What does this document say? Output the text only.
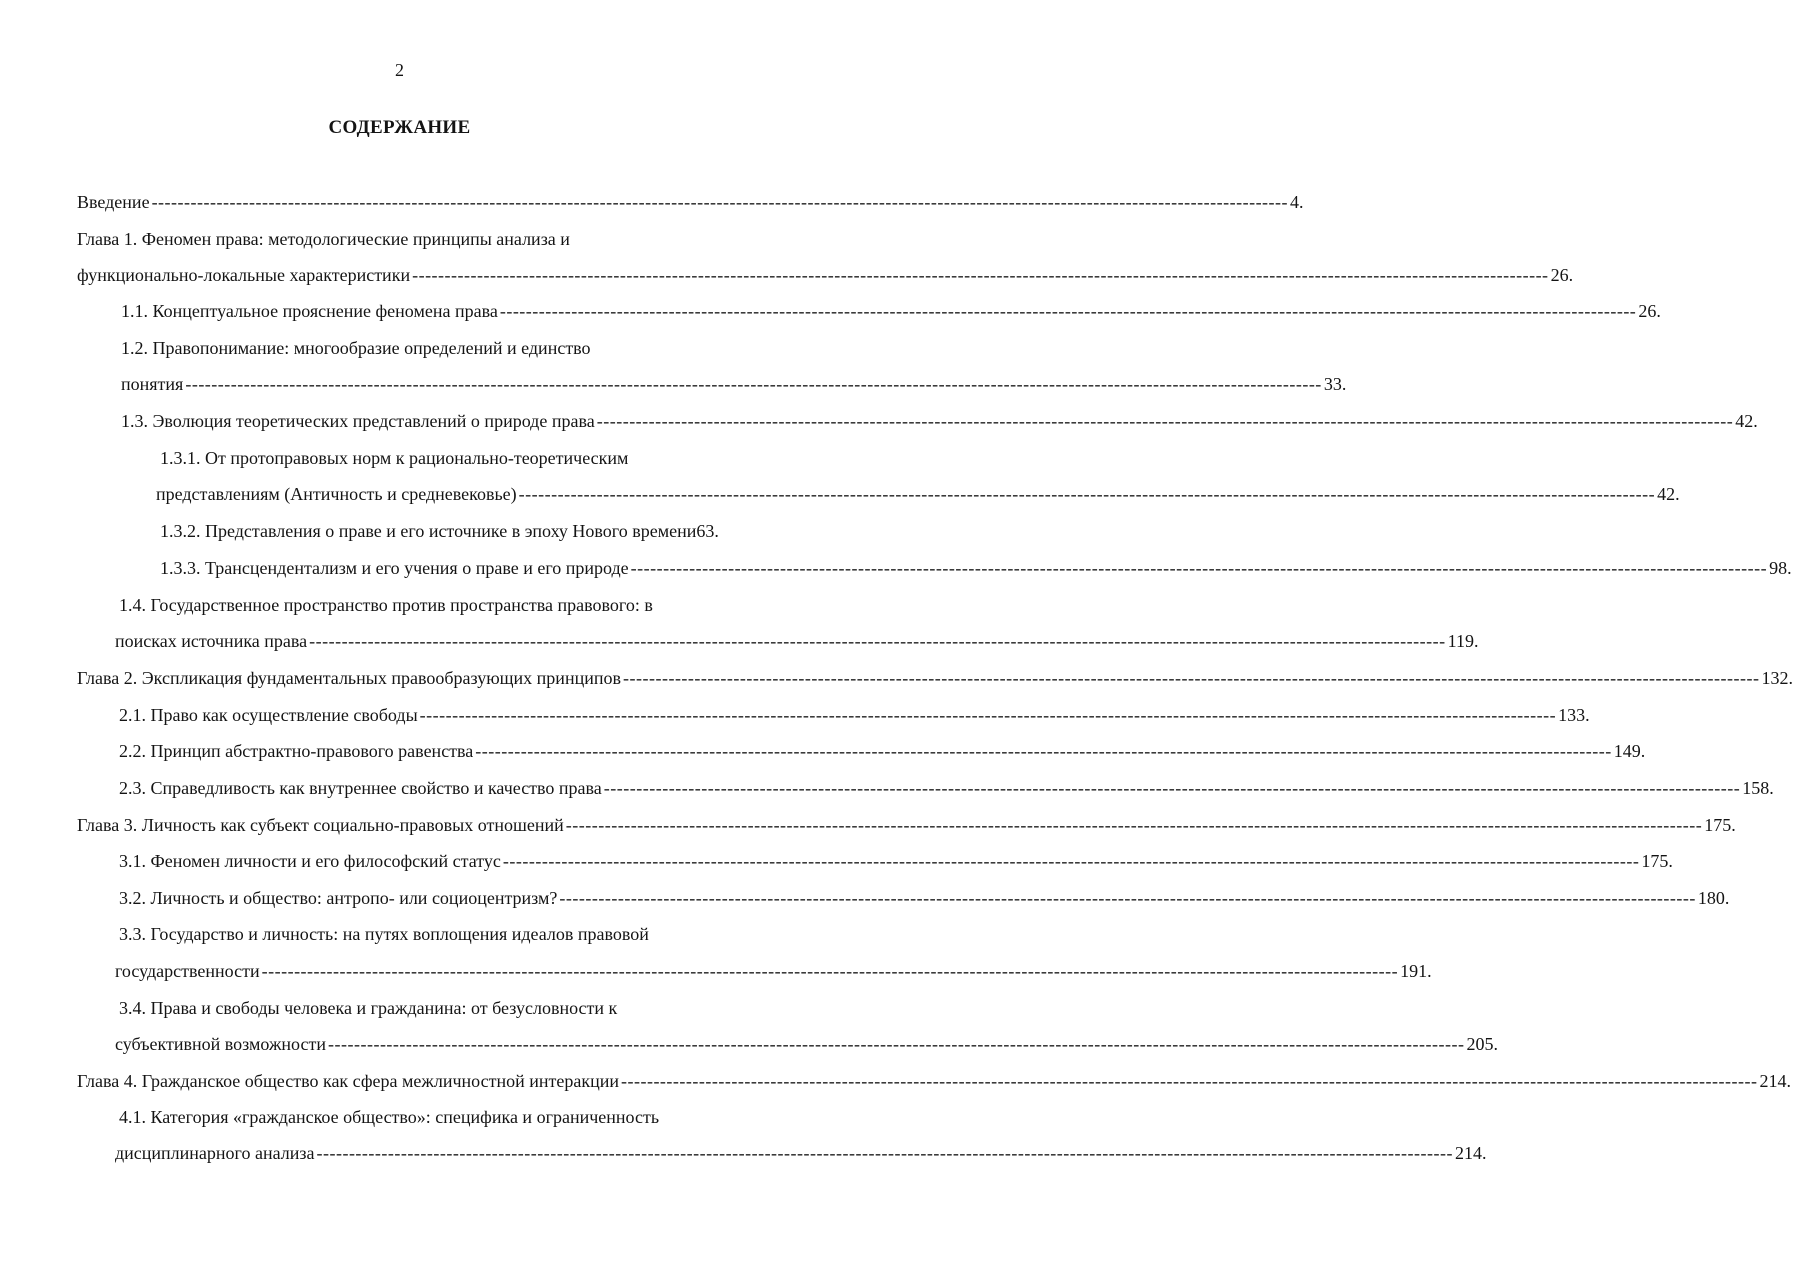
2
СОДЕРЖАНИЕ
Введение ------------------------------------------------------------------------------------------------------------------------------------------------------------------------------- 4.
Глава 1. Феномен права: методологические принципы анализа и
функционально-локальные характеристики ------------------------------------------------------------------------------------------------------------------------------------------------------------------------------- 26.
1.1. Концептуальное прояснение феномена права ------------------------------------------------------------------------------------------------------------------------------------------------------------------------------- 26.
1.2. Правопонимание: многообразие определений и единство
понятия ------------------------------------------------------------------------------------------------------------------------------------------------------------------------------- 33.
1.3. Эволюция теоретических представлений о природе права ------------------------------------------------------------------------------------------------------------------------------------------------------------------------------- 42.
1.3.1. От протоправовых норм к рационально-теоретическим
представлениям (Античность и средневековье) ------------------------------------------------------------------------------------------------------------------------------------------------------------------------------- 42.
1.3.2. Представления о праве и его источнике в эпоху Нового времени63.
1.3.3. Трансцендентализм и его учения о праве и его природе ------------------------------------------------------------------------------------------------------------------------------------------------------------------------------- 98.
1.4. Государственное пространство против пространства правового: в
поисках источника права ------------------------------------------------------------------------------------------------------------------------------------------------------------------------------- 119.
Глава 2. Экспликация фундаментальных правообразующих принципов ------------------------------------------------------------------------------------------------------------------------------------------------------------------------------- 132.
2.1. Право как осуществление свободы ------------------------------------------------------------------------------------------------------------------------------------------------------------------------------- 133.
2.2. Принцип абстрактно-правового равенства ------------------------------------------------------------------------------------------------------------------------------------------------------------------------------- 149.
2.3. Справедливость как внутреннее свойство и качество права ------------------------------------------------------------------------------------------------------------------------------------------------------------------------------- 158.
Глава 3. Личность как субъект социально-правовых отношений ------------------------------------------------------------------------------------------------------------------------------------------------------------------------------- 175.
3.1. Феномен личности и его философский статус ------------------------------------------------------------------------------------------------------------------------------------------------------------------------------- 175.
3.2. Личность и общество: антропо- или социоцентризм? ------------------------------------------------------------------------------------------------------------------------------------------------------------------------------- 180.
3.3. Государство и личность: на путях воплощения идеалов правовой
государственности ------------------------------------------------------------------------------------------------------------------------------------------------------------------------------- 191.
3.4. Права и свободы человека и гражданина: от безусловности к
субъективной возможности ------------------------------------------------------------------------------------------------------------------------------------------------------------------------------- 205.
Глава 4. Гражданское общество как сфера межличностной интеракции ------------------------------------------------------------------------------------------------------------------------------------------------------------------------------- 214.
4.1. Категория «гражданское общество»: специфика и ограниченность
дисциплинарного анализа ------------------------------------------------------------------------------------------------------------------------------------------------------------------------------- 214.
